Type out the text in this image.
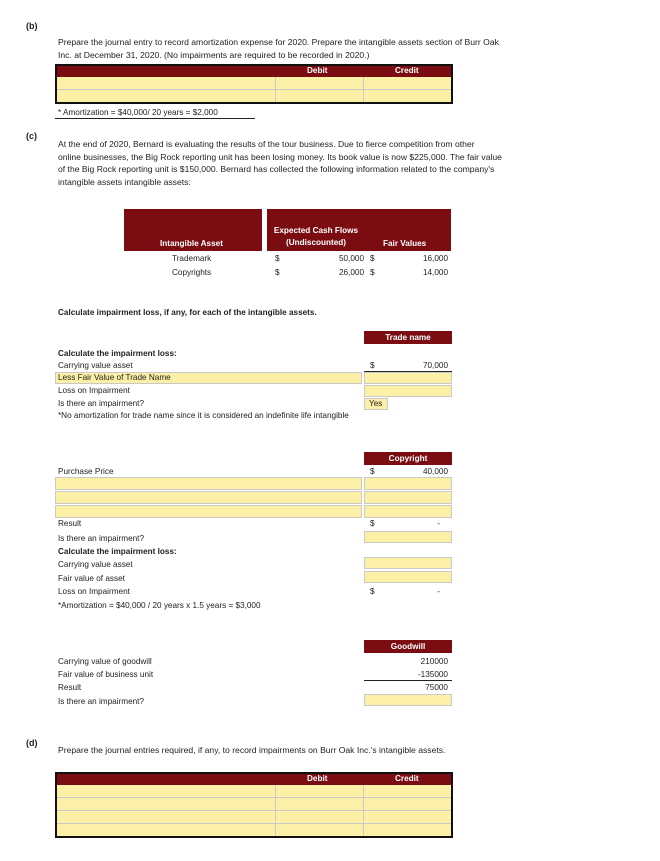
(b)
Prepare the journal entry to record amortization expense for 2020. Prepare the intangible assets section of Burr Oak
Inc. at December 31, 2020. (No impairments are required to be recorded in 2020.)
Debit	Credit
* Amortization = $40,000/ 20 years = $2,000
(c)
At the end of 2020, Bernard is evaluating the results of the tour business. Due to fierce competition from other
online businesses, the Big Rock reporting unit has been losing money. Its book value is now $225,000. The fair value
of the Big Rock reporting unit is $150,000. Bernard has collected the following information related to the company's
intangible assets intangible assets:
Intangible Asset
Expected Cash Flows
(Undiscounted)	Fair Values
Trademark	$	50,000 $	16,000
Copyrights	$	26,000 $	14,000
Calculate impairment loss, if any, for each of the intangible assets.
Trade name
Calculate the impairment loss:
Carrying value asset	$	70,000
Less Fair Value of Trade Name
Loss on Impairment
Is there an impairment?	Yes
*No amortization for trade name since it is considered an indefinite life intangible
Copyright
Purchase Price	$	40,000
Result	$	-
Is there an impairment?
Calculate the impairment loss:
Carrying value asset
Fair value of asset
Loss on Impairment	$	-
*Amortization = $40,000 / 20 years x 1.5 years = $3,000
Goodwill
Carrying value of goodwill	210000
Fair value of business unit	-135000
Result	75000
Is there an impairment?
(d)
Prepare the journal entries required, if any, to record impairments on Burr Oak Inc.'s intangible assets.
Debit	Credit
